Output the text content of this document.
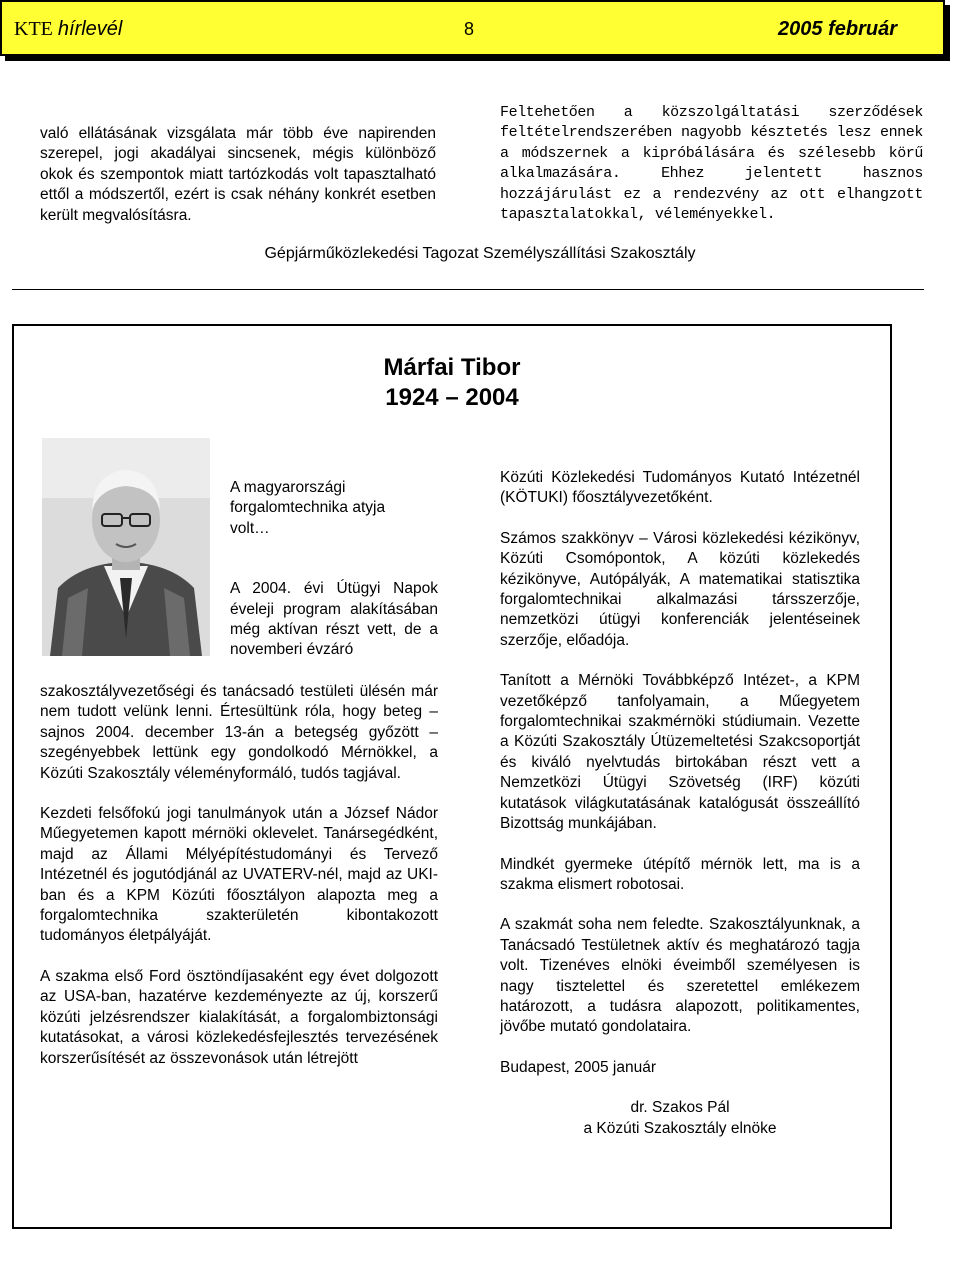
KTE hírlevél	8	2005 február

való ellátásának vizsgálata már több éve napirenden szerepel, jogi akadályai sincsenek, mégis különböző okok és szempontok miatt tartózkodás volt tapasztalható ettől a módszertől, ezért is csak néhány konkrét esetben került megvalósításra.

Feltehetően a közszolgáltatási szerződések feltételrendszerében nagyobb késztetés lesz ennek a módszernek a kipróbálására és szélesebb körű alkalmazására. Ehhez jelentett hasznos hozzájárulást ez a rendezvény az ott elhangzott tapasztalatokkal, véleményekkel.

Gépjárműközlekedési Tagozat Személyszállítási Szakosztály
Márfai Tibor
1924 – 2004

A magyarországi forgalomtechnika atyja volt…

A 2004. évi Útügyi Napok éveleji program alakításában még aktívan részt vett, de a novemberi évzáró

szakosztályvezetőségi és tanácsadó testületi ülésén már nem tudott velünk lenni. Értesültünk róla, hogy beteg – sajnos 2004. december 13-án a betegség győzött – szegényebbek lettünk egy gondolkodó Mérnökkel, a Közúti Szakosztály véleményformáló, tudós tagjával.

Kezdeti felsőfokú jogi tanulmányok után a József Nádor Műegyetemen kapott mérnöki oklevelet. Tanársegédként, majd az Állami Mélyépítéstudományi és Tervező Intézetnél és jogutódjánál az UVATERV-nél, majd az UKI-ban és a KPM Közúti főosztályon alapozta meg a forgalomtechnika szakterületén kibontakozott tudományos életpályáját.

A szakma első Ford ösztöndíjasaként egy évet dolgozott az USA-ban, hazatérve kezdeményezte az új, korszerű közúti jelzésrendszer kialakítását, a forgalombiztonsági kutatásokat, a városi közlekedésfejlesztés tervezésének korszerűsítését az összevonások után létrejött

Közúti Közlekedési Tudományos Kutató Intézetnél (KÖTUKI) főosztályvezetőként.

Számos szakkönyv – Városi közlekedési kézikönyv, Közúti Csomópontok, A közúti közlekedés kézikönyve, Autópályák, A matematikai statisztika forgalomtechnikai alkalmazási társszerzője, nemzetközi útügyi konferenciák jelentéseinek szerzője, előadója.

Tanított a Mérnöki Továbbképző Intézet-, a KPM vezetőképző tanfolyamain, a Műegyetem forgalomtechnikai szakmérnöki stúdiumain. Vezette a Közúti Szakosztály Útüzemeltetési Szakcsoportját és kiváló nyelvtudás birtokában részt vett a Nemzetközi Útügyi Szövetség (IRF) közúti kutatások világkutatásának katalógusát összeállító Bizottság munkájában.

Mindkét gyermeke útépítő mérnök lett, ma is a szakma elismert robotosai.

A szakmát soha nem feledte. Szakosztályunknak, a Tanácsadó Testületnek aktív és meghatározó tagja volt. Tizenéves elnöki éveimből személyesen is nagy tisztelettel és szeretettel emlékezem határozott, a tudásra alapozott, politikamentes, jövőbe mutató gondolataira.

Budapest, 2005 január

dr. Szakos Pál

a Közúti Szakosztály elnöke
